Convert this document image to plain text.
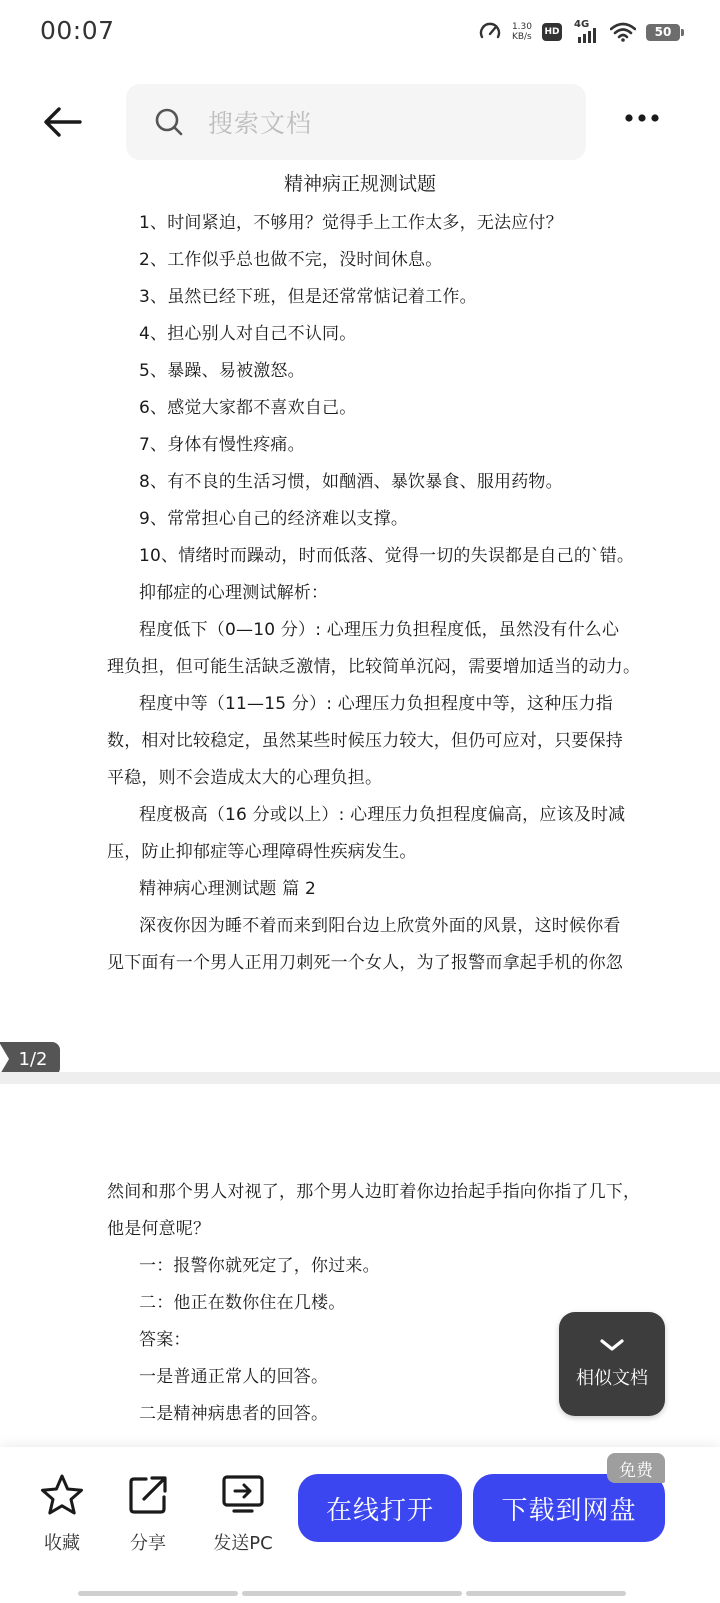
00:07	1.30
KB/s HD
4G
50
搜索文档
精神病正规测试题
1、时间紧迫，不够用？觉得手上工作太多，无法应付？
2、工作似乎总也做不完，没时间休息。
3、虽然已经下班，但是还常常惦记着工作。
4、担心别人对自己不认同。
5、暴躁、易被激怒。
6、感觉大家都不喜欢自己。
7、身体有慢性疼痛。
8、有不良的生活习惯，如酗酒、暴饮暴食、服用药物。
9、常常担心自己的经济难以支撑。
10、情绪时而躁动，时而低落、觉得一切的失误都是自己的`错。
抑郁症的心理测试解析：
程度低下（0—10 分）: 心理压力负担程度低，虽然没有什么心
理负担，但可能生活缺乏激情，比较简单沉闷，需要增加适当的动力。
程度中等（11—15 分）: 心理压力负担程度中等，这种压力指
数，相对比较稳定，虽然某些时候压力较大，但仍可应对，只要保持
平稳，则不会造成太大的心理负担。
程度极高（16 分或以上）: 心理压力负担程度偏高，应该及时减
压，防止抑郁症等心理障碍性疾病发生。
精神病心理测试题 篇 2
深夜你因为睡不着而来到阳台边上欣赏外面的风景，这时候你看
见下面有一个男人正用刀刺死一个女人，为了报警而拿起手机的你忽
1/2
然间和那个男人对视了，那个男人边盯着你边抬起手指向你指了几下，
他是何意呢？
一：报警你就死定了，你过来。
二：他正在数你住在几楼。
答案：
一是普通正常人的回答。
二是精神病患者的回答。
相似文档
收藏	分享	发送PC
在线打开	下载到网盘
免费
